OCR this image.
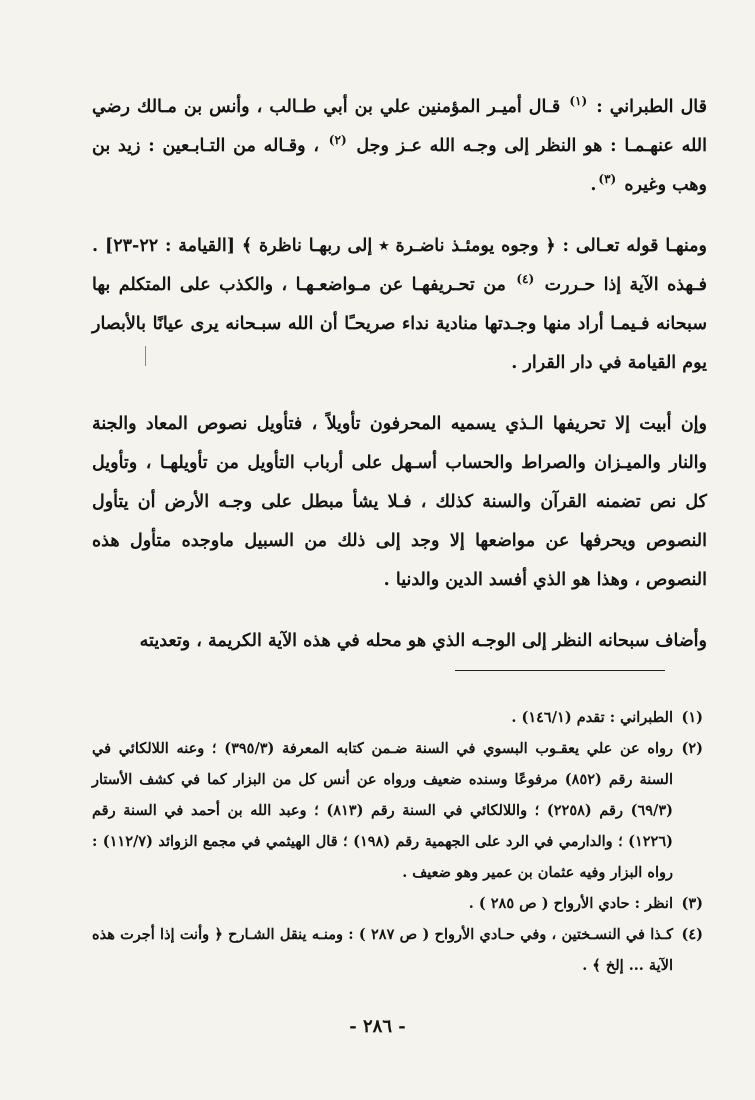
قال الطبراني : $^{(١)}$ قـال أميـر المؤمنين علي بن أبي طـالب ، وأنس بن مـالك رضي الله عنهـمـا : هو النظر إلى وجـه الله عـز وجل $^{(٢)}$ ، وقـاله من التـابـعين : زيد بن وهب وغيره $^{(٣)}$.

ومنهـا قوله تعـالى : ﴿ وجوه يومئـذ ناضـرة ٭ إلى ربهـا ناظرة ﴾ [القيامة : ٢٢-٢٣] . فـهذه الآية إذا حـررت $^{(٤)}$ من تحـريفهـا عن مـواضعـهـا ، والكذب على المتكلم بها سبحانه فـيمـا أراد منها وجـدتها منادية نداء صريحـًا أن الله سبـحانه يرى عيانًا بالأبصار يوم القيامة في دار القرار .

وإن أبيت إلا تحريفها الـذي يسميه المحرفون تأويلاً ، فتأويل نصوص المعاد والجنة والنار والميـزان والصراط والحساب أسـهل على أرباب التأويل من تأويلهـا ، وتأويل كل نص تضمنه القرآن والسنة كذلك ، فـلا يشأ مبطل على وجـه الأرض أن يتأول النصوص ويحرفها عن مواضعها إلا وجد إلى ذلك من السبيل ماوجده متأول هذه النصوص ، وهذا هو الذي أفسد الدين والدنيا .

وأضاف سبحانه النظر إلى الوجـه الذي هو محله في هذه الآية الكريمة ، وتعديته

(١)
الطبراني : تقدم (١٤٦/١) .

(٢)
رواه عن علي يعقـوب البسوي في السنة ضـمن كتابه المعرفة (٣٩٥/٣) ؛ وعنه اللالكائي في السنة رقم (٨٥٢) مرفوعًا وسنده ضعيف ورواه عن أنس كل من البزار كما في كشف الأستار (٦٩/٣) رقم (٢٢٥٨) ؛ واللالكائي في السنة رقم (٨١٣) ؛ وعبد الله بن أحمد في السنة رقم (١٢٢٦) ؛ والدارمي في الرد على الجهمية رقم (١٩٨) ؛ قال الهيثمي في مجمع الزوائد (١١٢/٧) : رواه البزار وفيه عثمان بن عمير وهو ضعيف .

(٣)
انظر : حادي الأرواح ( ص ٢٨٥ ) .

(٤)
كـذا في النسـختين ، وفي حـادي الأرواح ( ص ٢٨٧ ) : ومنـه ينقل الشـارح ﴿ وأنت إذا أجرت هذه الآية ... إلخ ﴾ .

- ٢٨٦ -
